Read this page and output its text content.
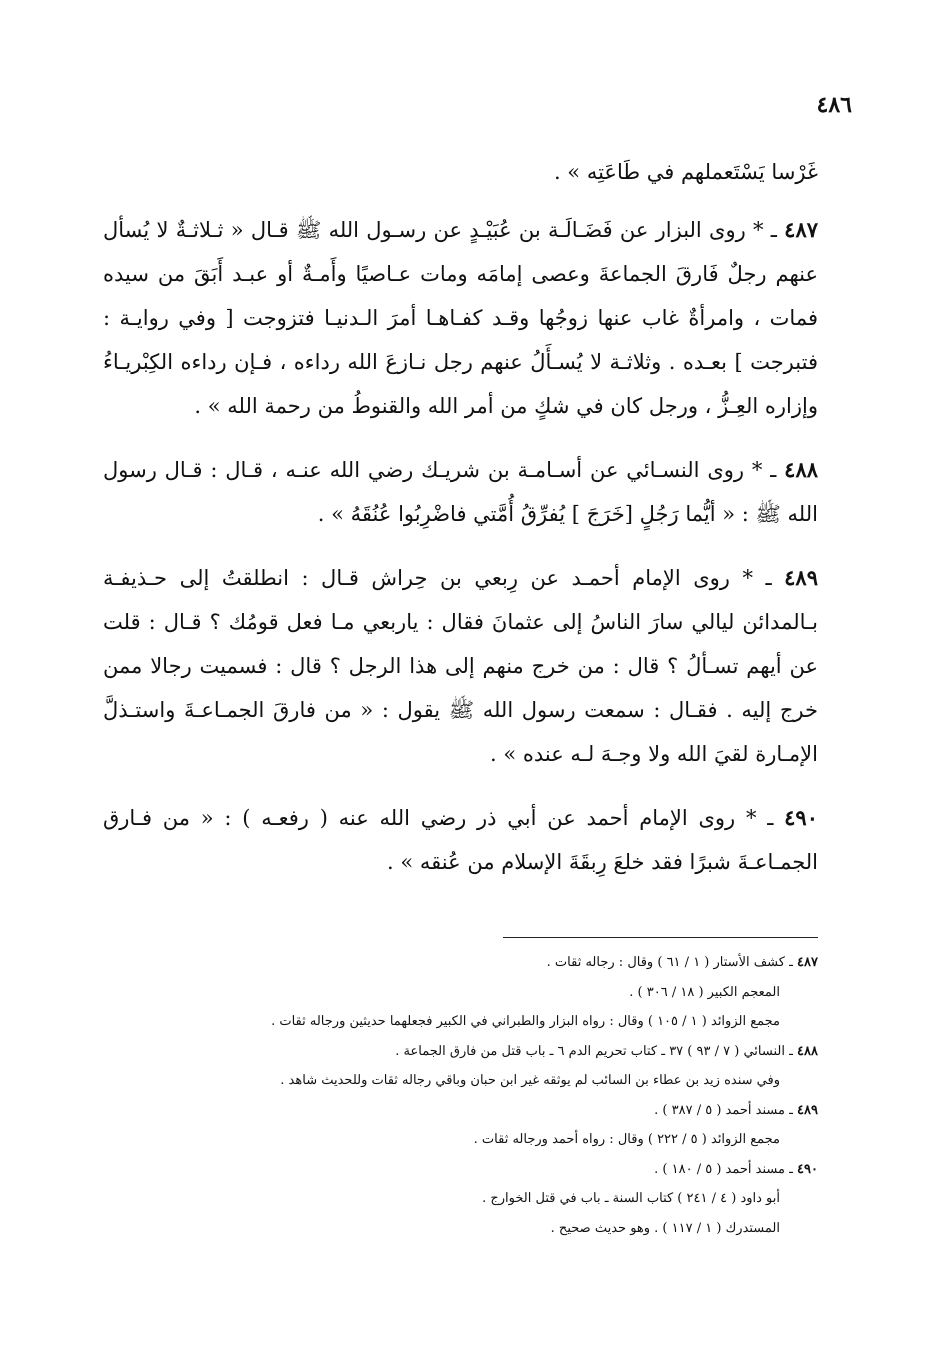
٤٨٦

غَرْسا يَسْتَعملهم في طَاعَتِه » .

٤٨٧ ـ * روى البزار عن فَضَـالَـة بن عُبَيْـدٍ عن رسـول الله ﷺ قـال « ثـلاثـةٌ لا يُسأل عنهم رجلٌ فَارقَ الجماعةَ وعصى إمامَه ومات عـاصيًا وأَمـةٌ أو عبـد أَبَقَ من سيده فمات ، وامرأةٌ غاب عنها زوجُها وقـد كفـاهـا أمرَ الـدنيـا فتزوجت [ وفي روايـة : فتبرجت ] بعـده . وثلاثـة لا يُسـأَلُ عنهم رجل نـازعَ الله رداءه ، فـإن رداءه الكِبْريـاءُ وإزاره العِـزُّ ، ورجل كان في شكٍ من أمر الله والقنوطُ من رحمة الله » .

٤٨٨ ـ * روى النسـائي عن أسـامـة بن شريـك رضي الله عنـه ، قـال : قـال رسول الله ﷺ : « أيُّما رَجُلٍ [خَرَجَ ] يُفرِّقُ أُمَّتي فاضْرِبُوا عُنُقَهُ » .

٤٨٩ ـ * روى الإمام أحمـد عن رِبعي بن حِراش قـال : انطلقتُ إلى حـذيفـة بـالمدائن ليالي سارَ الناسُ إلى عثمانَ فقال : ياربعي مـا فعل قومُك ؟ قـال : قلت عن أيهم تسـألُ ؟ قال : من خرج منهم إلى هذا الرجل ؟ قال : فسميت رجالا ممن خرج إليه . فقـال : سمعت رسول الله ﷺ يقول : « من فارقَ الجمـاعـةَ واستـذلَّ الإمـارة لقيَ الله ولا وجـهَ لـه عنده » .

٤٩٠ ـ * روى الإمام أحمد عن أبي ذر رضي الله عنه ( رفعـه ) : « من فـارق الجمـاعـةَ شبرًا فقد خلعَ رِبقَةَ الإسلام من عُنقه » .

٤٨٧ ـ كشف الأستار ( ١ / ٦١ ) وقال : رجاله ثقات .

المعجم الكبير ( ١٨ / ٣٠٦ ) .

مجمع الزوائد ( ١ / ١٠٥ ) وقال : رواه البزار والطبراني في الكبير فجعلهما حديثين ورجاله ثقات .

٤٨٨ ـ النسائي ( ٧ / ٩٣ ) ٣٧ ـ كتاب تحريم الدم ٦ ـ باب قتل من فارق الجماعة .

وفي سنده زيد بن عطاء بن السائب لم يوثقه غير ابن حبان وباقي رجاله ثقات وللحديث شاهد .

٤٨٩ ـ مسند أحمد ( ٥ / ٣٨٧ ) .

مجمع الزوائد ( ٥ / ٢٢٢ ) وقال : رواه أحمد ورجاله ثقات .

٤٩٠ ـ مسند أحمد ( ٥ / ١٨٠ ) .

أبو داود ( ٤ / ٢٤١ ) كتاب السنة ـ باب في قتل الخوارج .

المستدرك ( ١ / ١١٧ ) . وهو حديث صحيح .
